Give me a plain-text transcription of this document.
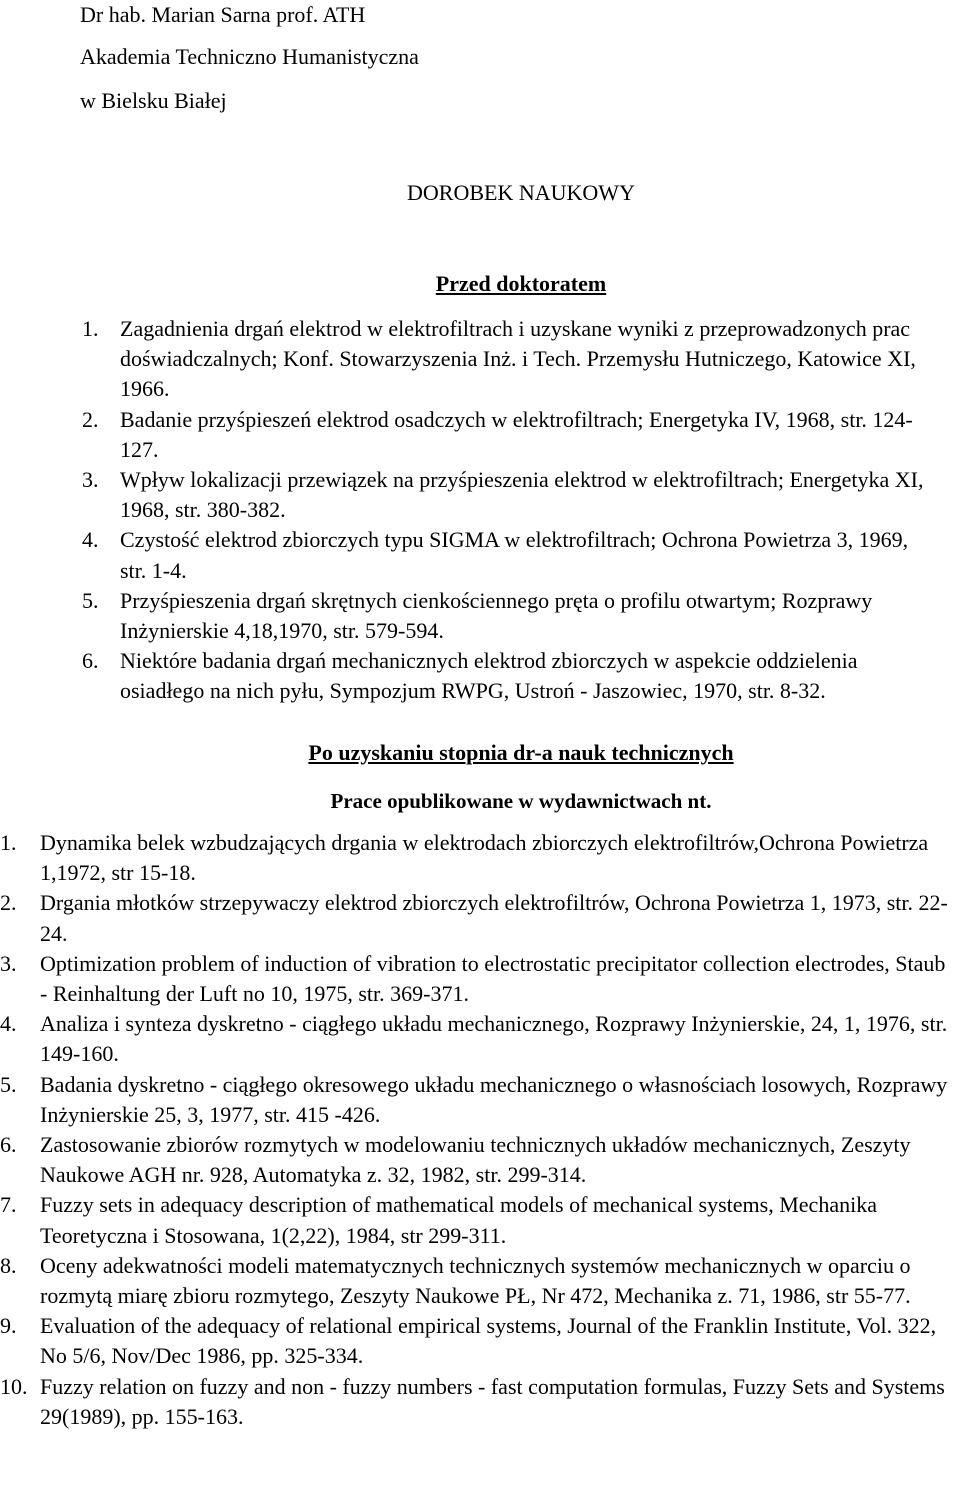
Dr hab. Marian Sarna prof. ATH
Akademia Techniczno Humanistyczna
w Bielsku Białej
DOROBEK NAUKOWY
Przed doktoratem
1. Zagadnienia drgań elektrod w elektrofiltrach i uzyskane wyniki z przeprowadzonych prac doświadczalnych; Konf. Stowarzyszenia Inż. i Tech. Przemysłu Hutniczego, Katowice XI, 1966.
2. Badanie przyśpieszeń elektrod osadczych w elektrofiltrach; Energetyka IV, 1968, str. 124-127.
3. Wpływ lokalizacji przewiązek na przyśpieszenia elektrod w elektrofiltrach; Energetyka XI, 1968, str. 380-382.
4. Czystość elektrod zbiorczych typu SIGMA w elektrofiltrach; Ochrona Powietrza 3, 1969, str. 1-4.
5. Przyśpieszenia drgań skrętnych cienkościennego pręta o profilu otwartym; Rozprawy Inżynierskie 4,18,1970, str. 579-594.
6. Niektóre badania drgań mechanicznych elektrod zbiorczych w aspekcie oddzielenia osiadłego na nich pyłu, Sympozjum RWPG, Ustroń - Jaszowiec, 1970, str. 8-32.
Po uzyskaniu stopnia dr-a nauk technicznych
Prace opublikowane w wydawnictwach nt.
1. Dynamika belek wzbudzających drgania w elektrodach zbiorczych elektrofiltrów,Ochrona Powietrza 1,1972, str 15-18.
2. Drgania młotków strzepywaczy elektrod zbiorczych elektrofiltrów, Ochrona Powietrza 1, 1973, str. 22-24.
3. Optimization problem of induction of vibration to electrostatic precipitator collection electrodes, Staub - Reinhaltung der Luft no 10, 1975, str. 369-371.
4. Analiza i synteza dyskretno - ciągłego układu mechanicznego, Rozprawy Inżynierskie, 24, 1, 1976, str. 149-160.
5. Badania dyskretno - ciągłego okresowego układu mechanicznego o własnościach losowych, Rozprawy Inżynierskie 25, 3, 1977, str. 415 -426.
6. Zastosowanie zbiorów rozmytych w modelowaniu technicznych układów mechanicznych, Zeszyty Naukowe AGH nr. 928, Automatyka z. 32, 1982, str. 299-314.
7. Fuzzy sets in adequacy description of mathematical models of mechanical systems, Mechanika Teoretyczna i Stosowana, 1(2,22), 1984, str 299-311.
8. Oceny adekwatności modeli matematycznych technicznych systemów mechanicznych w oparciu o rozmytą miarę zbioru rozmytego, Zeszyty Naukowe PŁ, Nr 472, Mechanika z. 71, 1986, str 55-77.
9. Evaluation of the adequacy of relational empirical systems, Journal of the Franklin Institute, Vol. 322, No 5/6, Nov/Dec 1986, pp. 325-334.
10. Fuzzy relation on fuzzy and non - fuzzy numbers - fast computation formulas, Fuzzy Sets and Systems 29(1989), pp. 155-163.
